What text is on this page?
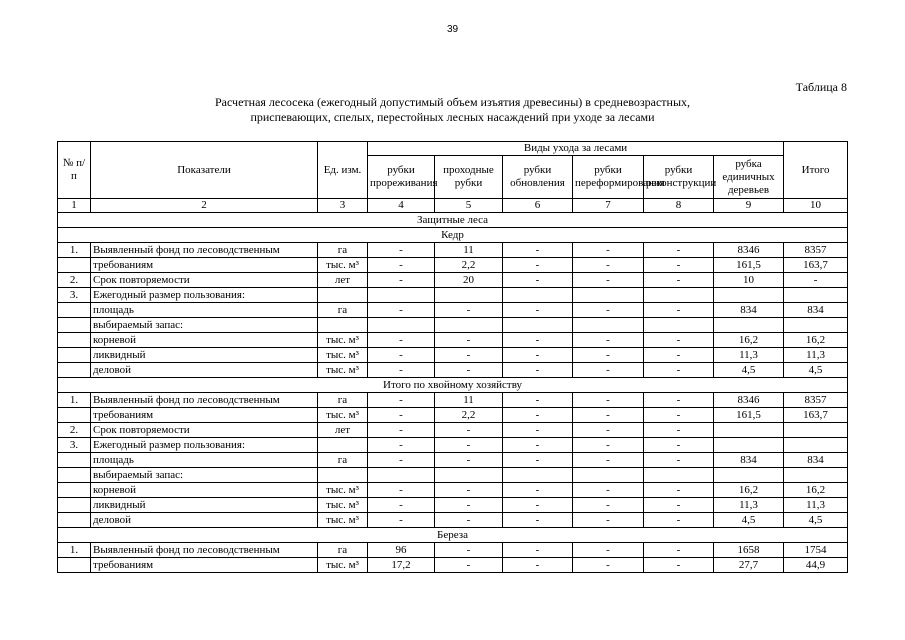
39
Таблица 8
Расчетная лесосека (ежегодный допустимый объем изъятия древесины) в средневозрастных,
приспевающих, спелых, перестойных лесных насаждений при уходе за лесами
№ п/п	Показатели	Ед. изм.	Виды ухода за лесами						Итого
			рубки прореживания	проходные рубки	рубки обновления	рубки переформирования	рубки реконструкции	рубка единичных деревьев	
1	2	3	4	5	6	7	8	9	10
Защитные леса									
Кедр									
1.	Выявленный фонд по лесоводственным	га	-	11	-	-	-	8346	8357
	требованиям	тыс. м³	-	2,2	-	-	-	161,5	163,7
2.	Срок повторяемости	лет	-	20	-	-	-	10	-
3.	Ежегодный размер пользования:								
	площадь	га	-	-	-	-	-	834	834
	выбираемый запас:								
	корневой	тыс. м³	-	-	-	-	-	16,2	16,2
	ликвидный	тыс. м³	-	-	-	-	-	11,3	11,3
	деловой	тыс. м³	-	-	-	-	-	4,5	4,5
Итого по хвойному хозяйству									
1.	Выявленный фонд по лесоводственным	га	-	11	-	-	-	8346	8357
	требованиям	тыс. м³	-	2,2	-	-	-	161,5	163,7
2.	Срок повторяемости	лет	-	-	-	-	-		
3.	Ежегодный размер пользования:		-	-	-	-	-		
	площадь	га	-	-	-	-	-	834	834
	выбираемый запас:								
	корневой	тыс. м³	-	-	-	-	-	16,2	16,2
	ликвидный	тыс. м³	-	-	-	-	-	11,3	11,3
	деловой	тыс. м³	-	-	-	-	-	4,5	4,5
Береза									
1.	Выявленный фонд по лесоводственным	га	96	-	-	-	-	1658	1754
	требованиям	тыс. м³	17,2	-	-	-	-	27,7	44,9
